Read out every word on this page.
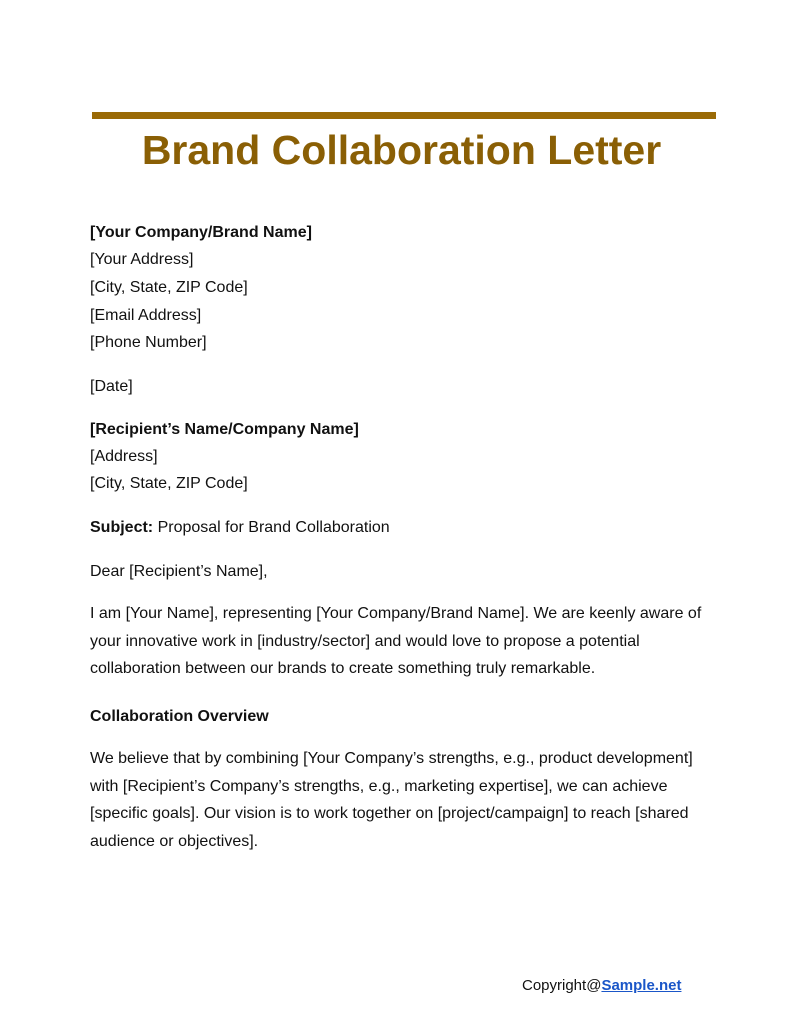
Brand Collaboration Letter
[Your Company/Brand Name]
[Your Address]
[City, State, ZIP Code]
[Email Address]
[Phone Number]
[Date]
[Recipient’s Name/Company Name]
[Address]
[City, State, ZIP Code]
Subject: Proposal for Brand Collaboration
Dear [Recipient’s Name],
I am [Your Name], representing [Your Company/Brand Name]. We are keenly aware of your innovative work in [industry/sector] and would love to propose a potential collaboration between our brands to create something truly remarkable.
Collaboration Overview
We believe that by combining [Your Company’s strengths, e.g., product development] with [Recipient’s Company’s strengths, e.g., marketing expertise], we can achieve [specific goals]. Our vision is to work together on [project/campaign] to reach [shared audience or objectives].
Copyright@Sample.net
